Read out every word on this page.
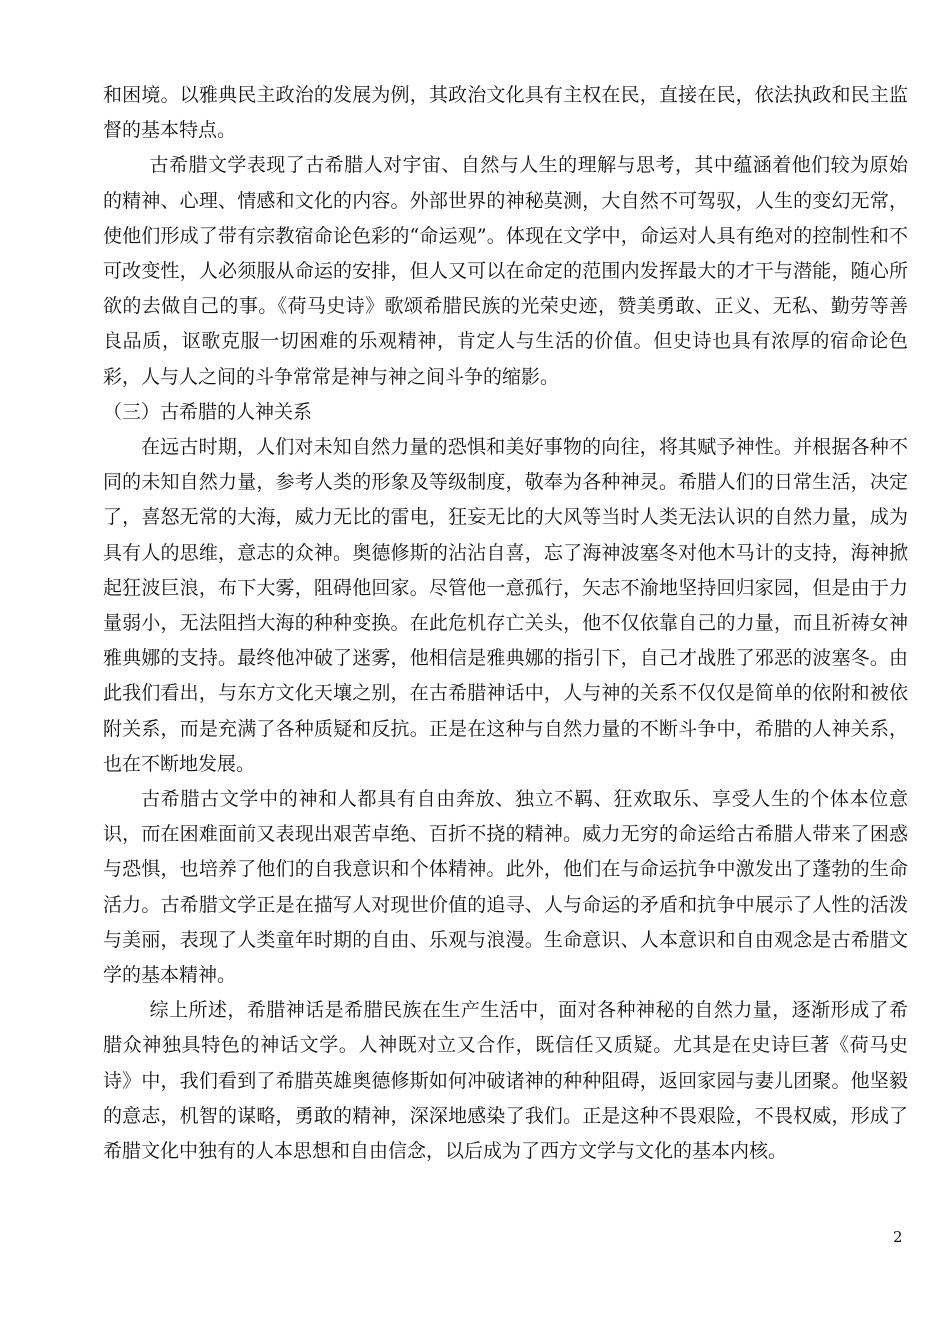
和困境。以雅典民主政治的发展为例，其政治文化具有主权在民，直接在民，依法执政和民主监督的基本特点。

古希腊文学表现了古希腊人对宇宙、自然与人生的理解与思考，其中蕴涵着他们较为原始的精神、心理、情感和文化的内容。外部世界的神秘莫测，大自然不可驾驭，人生的变幻无常，使他们形成了带有宗教宿命论色彩的“命运观”。体现在文学中，命运对人具有绝对的控制性和不可改变性，人必须服从命运的安排，但人又可以在命定的范围内发挥最大的才干与潜能，随心所欲的去做自己的事。《荷马史诗》歌颂希腊民族的光荣史迹，赞美勇敢、正义、无私、勤劳等善良品质，讴歌克服一切困难的乐观精神，肯定人与生活的价值。但史诗也具有浓厚的宿命论色彩，人与人之间的斗争常常是神与神之间斗争的缩影。

（三）古希腊的人神关系

在远古时期，人们对未知自然力量的恐惧和美好事物的向往，将其赋予神性。并根据各种不同的未知自然力量，参考人类的形象及等级制度，敬奉为各种神灵。希腊人们的日常生活，决定了，喜怒无常的大海，威力无比的雷电，狂妄无比的大风等当时人类无法认识的自然力量，成为具有人的思维，意志的众神。奥德修斯的沾沾自喜，忘了海神波塞冬对他木马计的支持，海神掀起狂波巨浪，布下大雾，阻碍他回家。尽管他一意孤行，矢志不渝地坚持回归家园，但是由于力量弱小，无法阻挡大海的种种变换。在此危机存亡关头，他不仅依靠自己的力量，而且祈祷女神雅典娜的支持。最终他冲破了迷雾，他相信是雅典娜的指引下，自己才战胜了邪恶的波塞冬。由此我们看出，与东方文化天壤之别，在古希腊神话中，人与神的关系不仅仅是简单的依附和被依附关系，而是充满了各种质疑和反抗。正是在这种与自然力量的不断斗争中，希腊的人神关系，也在不断地发展。

古希腊古文学中的神和人都具有自由奔放、独立不羁、狂欢取乐、享受人生的个体本位意识，而在困难面前又表现出艰苦卓绝、百折不挠的精神。威力无穷的命运给古希腊人带来了困惑与恐惧，也培养了他们的自我意识和个体精神。此外，他们在与命运抗争中激发出了蓬勃的生命活力。古希腊文学正是在描写人对现世价值的追寻、人与命运的矛盾和抗争中展示了人性的活泼与美丽，表现了人类童年时期的自由、乐观与浪漫。生命意识、人本意识和自由观念是古希腊文学的基本精神。

综上所述，希腊神话是希腊民族在生产生活中，面对各种神秘的自然力量，逐渐形成了希腊众神独具特色的神话文学。人神既对立又合作，既信任又质疑。尤其是在史诗巨著《荷马史诗》中，我们看到了希腊英雄奥德修斯如何冲破诸神的种种阻碍，返回家园与妻儿团聚。他坚毅的意志，机智的谋略，勇敢的精神，深深地感染了我们。正是这种不畏艰险，不畏权威，形成了希腊文化中独有的人本思想和自由信念，以后成为了西方文学与文化的基本内核。

2
